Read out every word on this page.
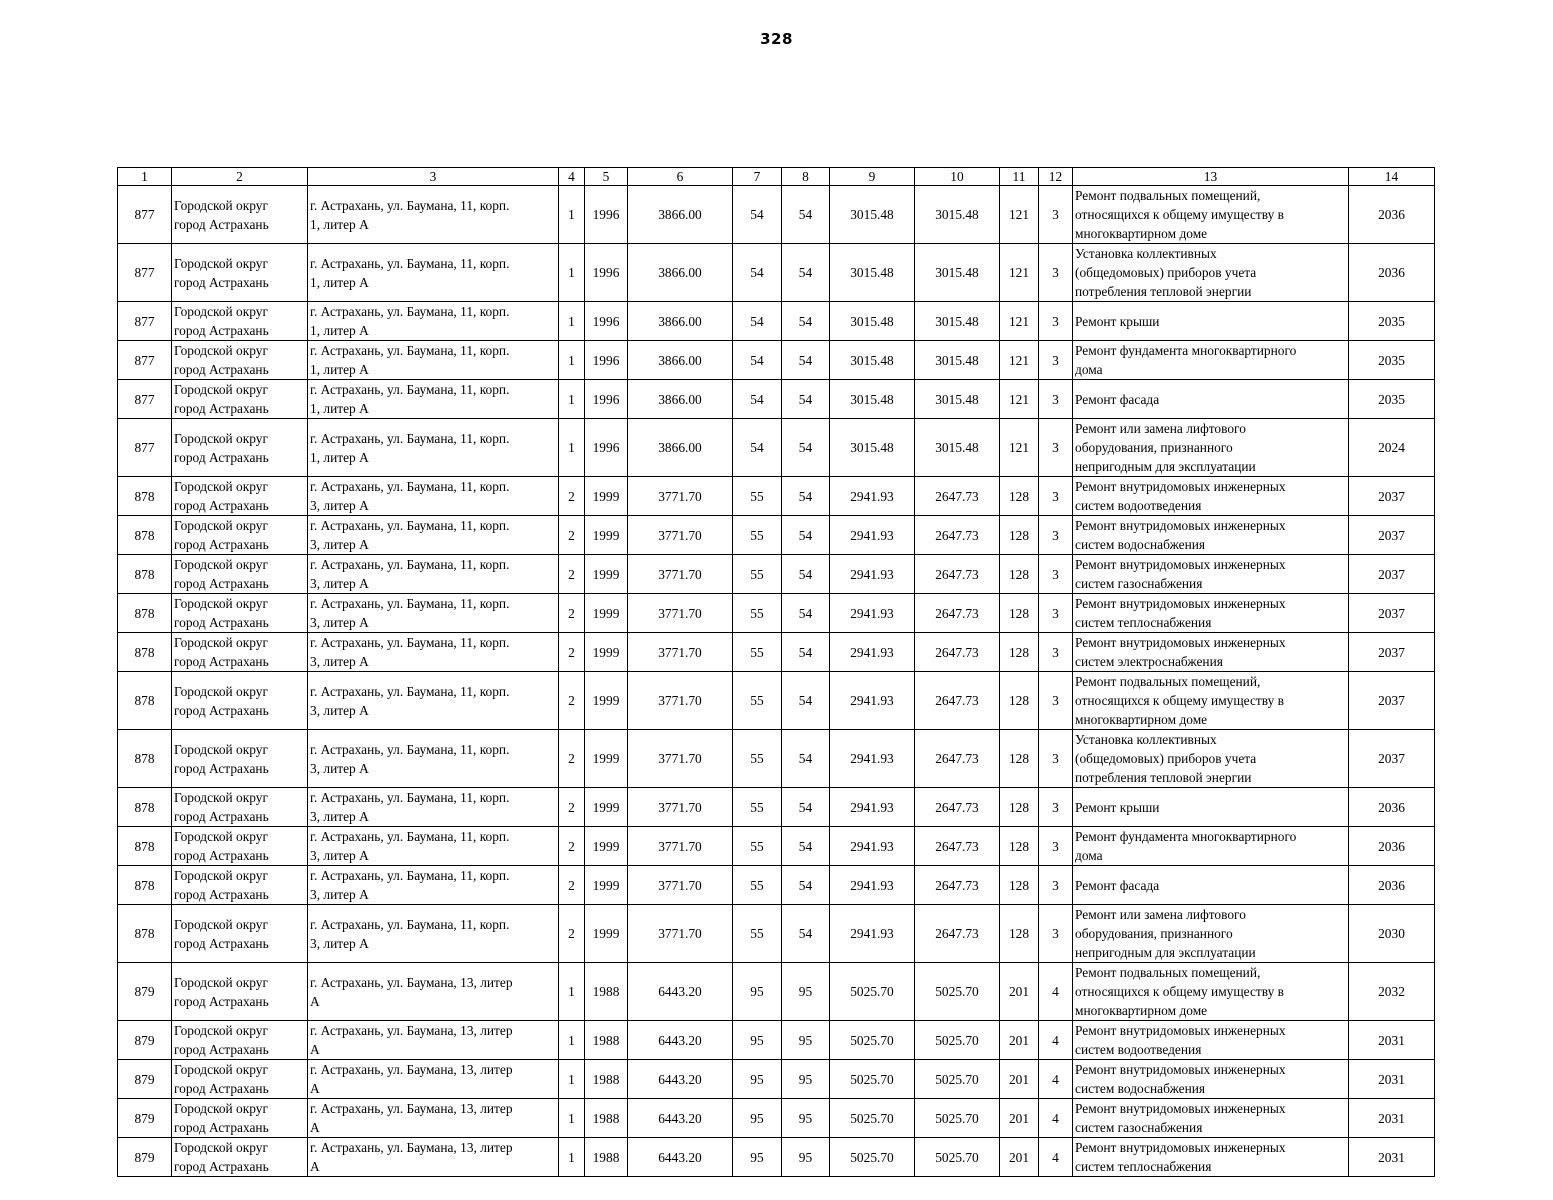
328
1	2	3	4	5	6	7	8	9	10	11	12	13	14
877	Городской округ
город Астрахань	г. Астрахань, ул. Баумана, 11, корп.
1, литер А	1	1996	3866.00	54	54	3015.48	3015.48	121	3	Ремонт подвальных помещений,
относящихся к общему имуществу в
многоквартирном доме	2036
877	Городской округ
город Астрахань	г. Астрахань, ул. Баумана, 11, корп.
1, литер А	1	1996	3866.00	54	54	3015.48	3015.48	121	3	Установка коллективных
(общедомовых) приборов учета
потребления тепловой энергии	2036
877	Городской округ
город Астрахань	г. Астрахань, ул. Баумана, 11, корп.
1, литер А	1	1996	3866.00	54	54	3015.48	3015.48	121	3	Ремонт крыши	2035
877	Городской округ
город Астрахань	г. Астрахань, ул. Баумана, 11, корп.
1, литер А	1	1996	3866.00	54	54	3015.48	3015.48	121	3	Ремонт фундамента многоквартирного
дома	2035
877	Городской округ
город Астрахань	г. Астрахань, ул. Баумана, 11, корп.
1, литер А	1	1996	3866.00	54	54	3015.48	3015.48	121	3	Ремонт фасада	2035
877	Городской округ
город Астрахань	г. Астрахань, ул. Баумана, 11, корп.
1, литер А	1	1996	3866.00	54	54	3015.48	3015.48	121	3	Ремонт или замена лифтового
оборудования, признанного
непригодным для эксплуатации	2024
878	Городской округ
город Астрахань	г. Астрахань, ул. Баумана, 11, корп.
3, литер А	2	1999	3771.70	55	54	2941.93	2647.73	128	3	Ремонт внутридомовых инженерных
систем водоотведения	2037
878	Городской округ
город Астрахань	г. Астрахань, ул. Баумана, 11, корп.
3, литер А	2	1999	3771.70	55	54	2941.93	2647.73	128	3	Ремонт внутридомовых инженерных
систем водоснабжения	2037
878	Городской округ
город Астрахань	г. Астрахань, ул. Баумана, 11, корп.
3, литер А	2	1999	3771.70	55	54	2941.93	2647.73	128	3	Ремонт внутридомовых инженерных
систем газоснабжения	2037
878	Городской округ
город Астрахань	г. Астрахань, ул. Баумана, 11, корп.
3, литер А	2	1999	3771.70	55	54	2941.93	2647.73	128	3	Ремонт внутридомовых инженерных
систем теплоснабжения	2037
878	Городской округ
город Астрахань	г. Астрахань, ул. Баумана, 11, корп.
3, литер А	2	1999	3771.70	55	54	2941.93	2647.73	128	3	Ремонт внутридомовых инженерных
систем электроснабжения	2037
878	Городской округ
город Астрахань	г. Астрахань, ул. Баумана, 11, корп.
3, литер А	2	1999	3771.70	55	54	2941.93	2647.73	128	3	Ремонт подвальных помещений,
относящихся к общему имуществу в
многоквартирном доме	2037
878	Городской округ
город Астрахань	г. Астрахань, ул. Баумана, 11, корп.
3, литер А	2	1999	3771.70	55	54	2941.93	2647.73	128	3	Установка коллективных
(общедомовых) приборов учета
потребления тепловой энергии	2037
878	Городской округ
город Астрахань	г. Астрахань, ул. Баумана, 11, корп.
3, литер А	2	1999	3771.70	55	54	2941.93	2647.73	128	3	Ремонт крыши	2036
878	Городской округ
город Астрахань	г. Астрахань, ул. Баумана, 11, корп.
3, литер А	2	1999	3771.70	55	54	2941.93	2647.73	128	3	Ремонт фундамента многоквартирного
дома	2036
878	Городской округ
город Астрахань	г. Астрахань, ул. Баумана, 11, корп.
3, литер А	2	1999	3771.70	55	54	2941.93	2647.73	128	3	Ремонт фасада	2036
878	Городской округ
город Астрахань	г. Астрахань, ул. Баумана, 11, корп.
3, литер А	2	1999	3771.70	55	54	2941.93	2647.73	128	3	Ремонт или замена лифтового
оборудования, признанного
непригодным для эксплуатации	2030
879	Городской округ
город Астрахань	г. Астрахань, ул. Баумана, 13, литер
А	1	1988	6443.20	95	95	5025.70	5025.70	201	4	Ремонт подвальных помещений,
относящихся к общему имуществу в
многоквартирном доме	2032
879	Городской округ
город Астрахань	г. Астрахань, ул. Баумана, 13, литер
А	1	1988	6443.20	95	95	5025.70	5025.70	201	4	Ремонт внутридомовых инженерных
систем водоотведения	2031
879	Городской округ
город Астрахань	г. Астрахань, ул. Баумана, 13, литер
А	1	1988	6443.20	95	95	5025.70	5025.70	201	4	Ремонт внутридомовых инженерных
систем водоснабжения	2031
879	Городской округ
город Астрахань	г. Астрахань, ул. Баумана, 13, литер
А	1	1988	6443.20	95	95	5025.70	5025.70	201	4	Ремонт внутридомовых инженерных
систем газоснабжения	2031
879	Городской округ
город Астрахань	г. Астрахань, ул. Баумана, 13, литер
А	1	1988	6443.20	95	95	5025.70	5025.70	201	4	Ремонт внутридомовых инженерных
систем теплоснабжения	2031
